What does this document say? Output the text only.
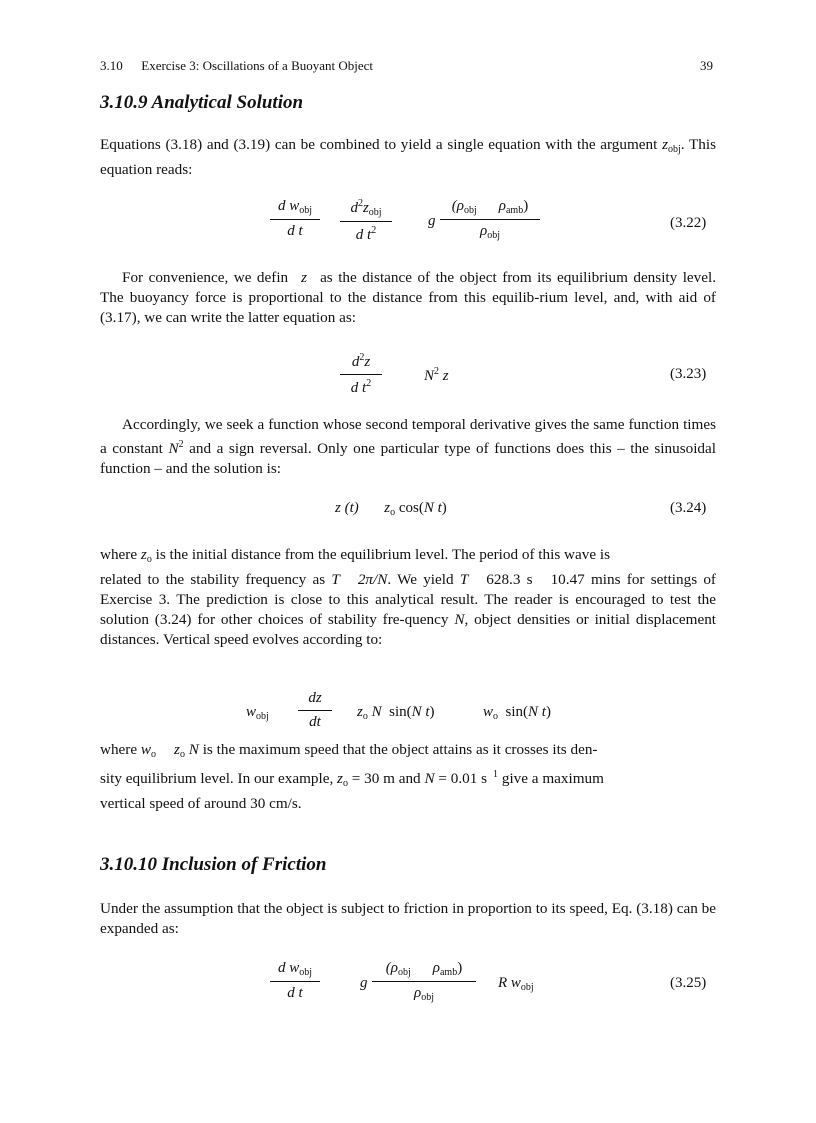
3.10 Exercise 3: Oscillations of a Buoyant Object	39
3.10.9 Analytical Solution

Equations (3.18) and (3.19) can be combined to yield a single equation with the argument $z_{obj}$. This equation reads:

d $w_{obj}$
d t
$d^2z_{obj}$
d $t^2$
g
($\rho_{obj}$ $\rho_{amb}$)
$\rho_{obj}$
(3.22)

For convenience, we defin z as the distance of the object from its equilibrium density level. The buoyancy force is proportional to the distance from this equilib-rium level, and, with aid of (3.17), we can write the latter equation as:

$\frac{d^2z}{d t^2}$	$N^2$ z	(3.23)

Accordingly, we seek a function whose second temporal derivative gives the same function times a constant $N^2$ and a sign reversal. Only one particular type of functions does this – the sinusoidal function – and the solution is:

z (t) $z_o$ cos(N t)	(3.24)

where $z_o$ is the initial distance from the equilibrium level. The period of this wave is
related to the stability frequency as T 2π/N. We yield T 628.3 s 10.47 mins for settings of Exercise 3. The prediction is close to this analytical result. The reader is encouraged to test the solution (3.24) for other choices of stability fre-quency N, object densities or initial displacement distances. Vertical speed evolves according to:

$w_{obj} \frac{dz}{dt} z_o$ N sin(N t)	$w_o$ sin(N t)

where $w_o$ $z_o$ N is the maximum speed that the object attains as it crosses its den-
sity equilibrium level. In our example, $z_o = 30$ m and N = 0.01 s $^1$ give a maximum
vertical speed of around 30 cm/s.

3.10.10 Inclusion of Friction

Under the assumption that the object is subject to friction in proportion to its speed, Eq. (3.18) can be expanded as:

d $w_{obj}$
d t
g
($\rho_{obj}$ $\rho_{amb}$)
$\rho_{obj}$
R $w_{obj}$	(3.25)
